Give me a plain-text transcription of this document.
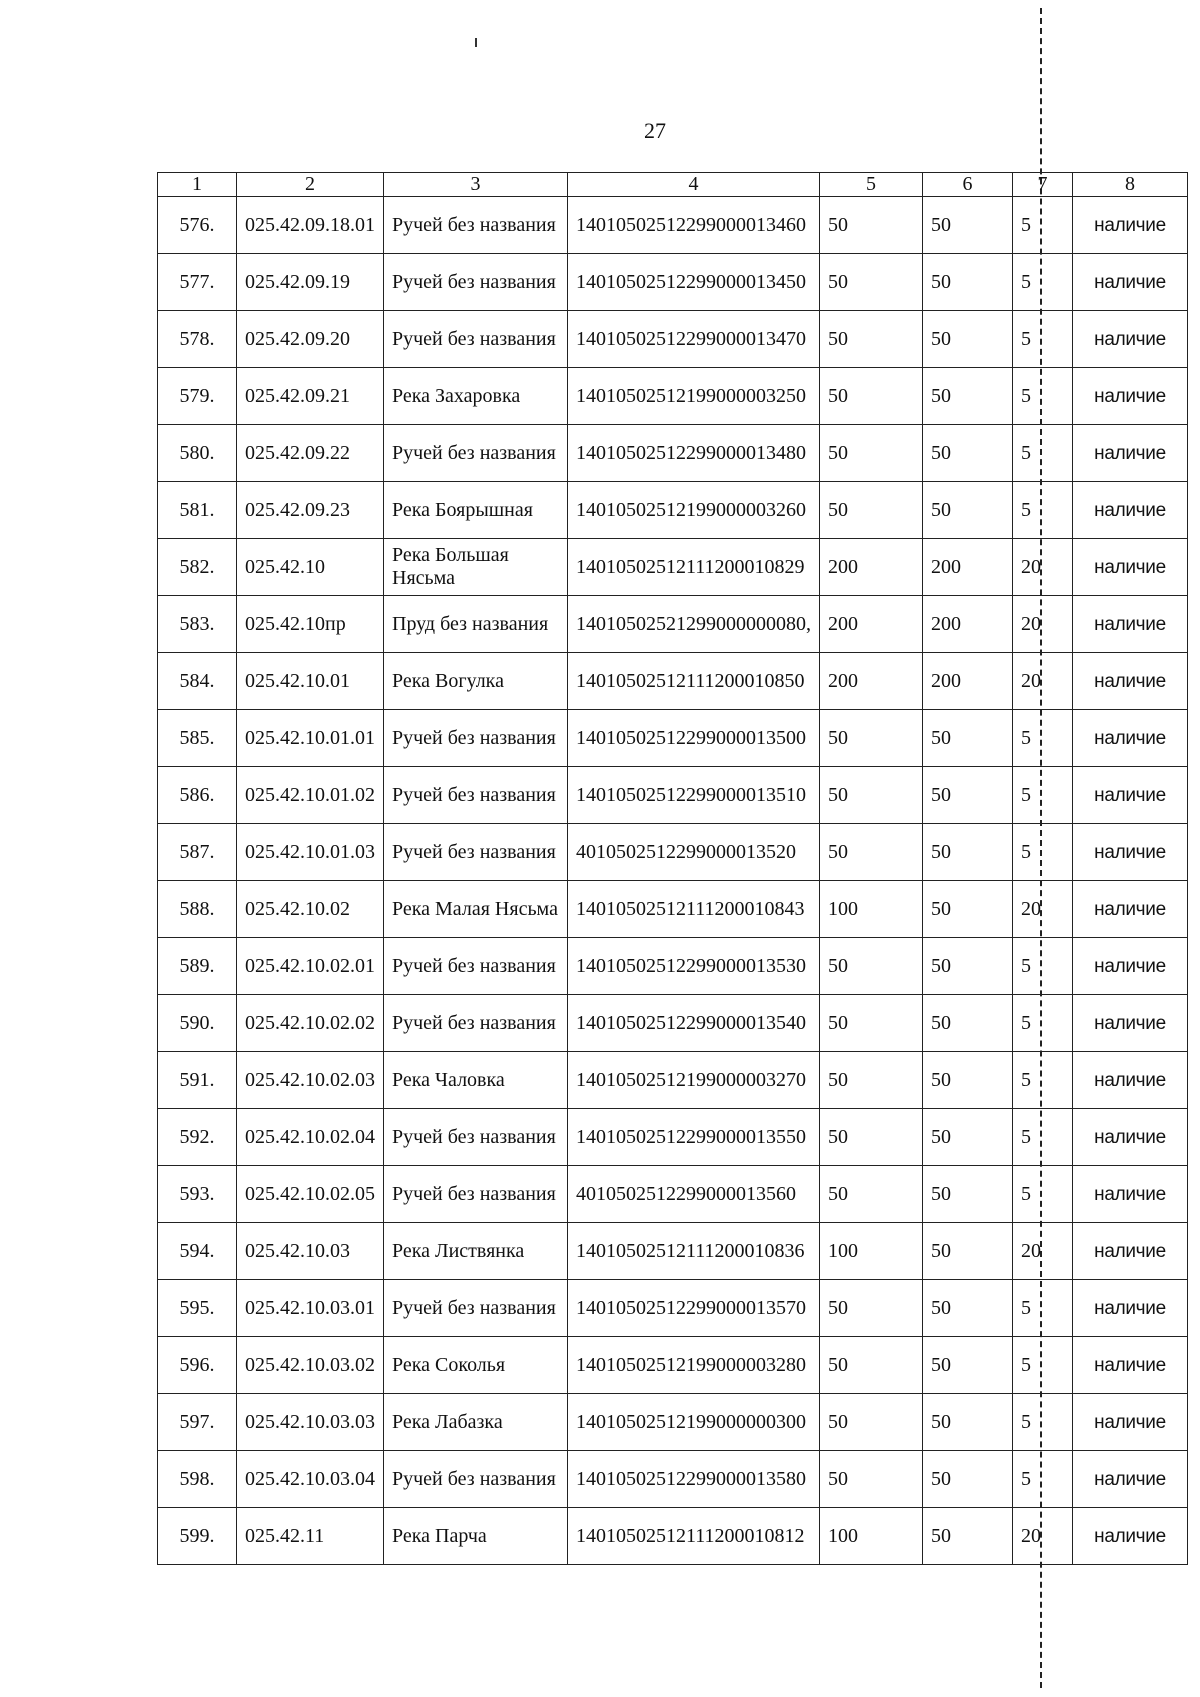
27
1	2	3	4	5	6	7	8
576.	025.42.09.18.01	Ручей без названия	14010502512299000013460	50	50	5	наличие
577.	025.42.09.19	Ручей без названия	14010502512299000013450	50	50	5	наличие
578.	025.42.09.20	Ручей без названия	14010502512299000013470	50	50	5	наличие
579.	025.42.09.21	Река Захаровка	14010502512199000003250	50	50	5	наличие
580.	025.42.09.22	Ручей без названия	14010502512299000013480	50	50	5	наличие
581.	025.42.09.23	Река Боярышная	14010502512199000003260	50	50	5	наличие
582.	025.42.10	Река Большая Нясьма	14010502512111200010829	200	200	20	наличие
583.	025.42.10пр	Пруд без названия	14010502521299000000080,	200	200	20	наличие
584.	025.42.10.01	Река Вогулка	14010502512111200010850	200	200	20	наличие
585.	025.42.10.01.01	Ручей без названия	14010502512299000013500	50	50	5	наличие
586.	025.42.10.01.02	Ручей без названия	14010502512299000013510	50	50	5	наличие
587.	025.42.10.01.03	Ручей без названия	4010502512299000013520	50	50	5	наличие
588.	025.42.10.02	Река Малая Нясьма	14010502512111200010843	100	50	20	наличие
589.	025.42.10.02.01	Ручей без названия	14010502512299000013530	50	50	5	наличие
590.	025.42.10.02.02	Ручей без названия	14010502512299000013540	50	50	5	наличие
591.	025.42.10.02.03	Река Чаловка	14010502512199000003270	50	50	5	наличие
592.	025.42.10.02.04	Ручей без названия	14010502512299000013550	50	50	5	наличие
593.	025.42.10.02.05	Ручей без названия	4010502512299000013560	50	50	5	наличие
594.	025.42.10.03	Река Листвянка	14010502512111200010836	100	50	20	наличие
595.	025.42.10.03.01	Ручей без названия	14010502512299000013570	50	50	5	наличие
596.	025.42.10.03.02	Река Соколья	14010502512199000003280	50	50	5	наличие
597.	025.42.10.03.03	Река Лабазка	14010502512199000000300	50	50	5	наличие
598.	025.42.10.03.04	Ручей без названия	14010502512299000013580	50	50	5	наличие
599.	025.42.11	Река Парча	14010502512111200010812	100	50	20	наличие
